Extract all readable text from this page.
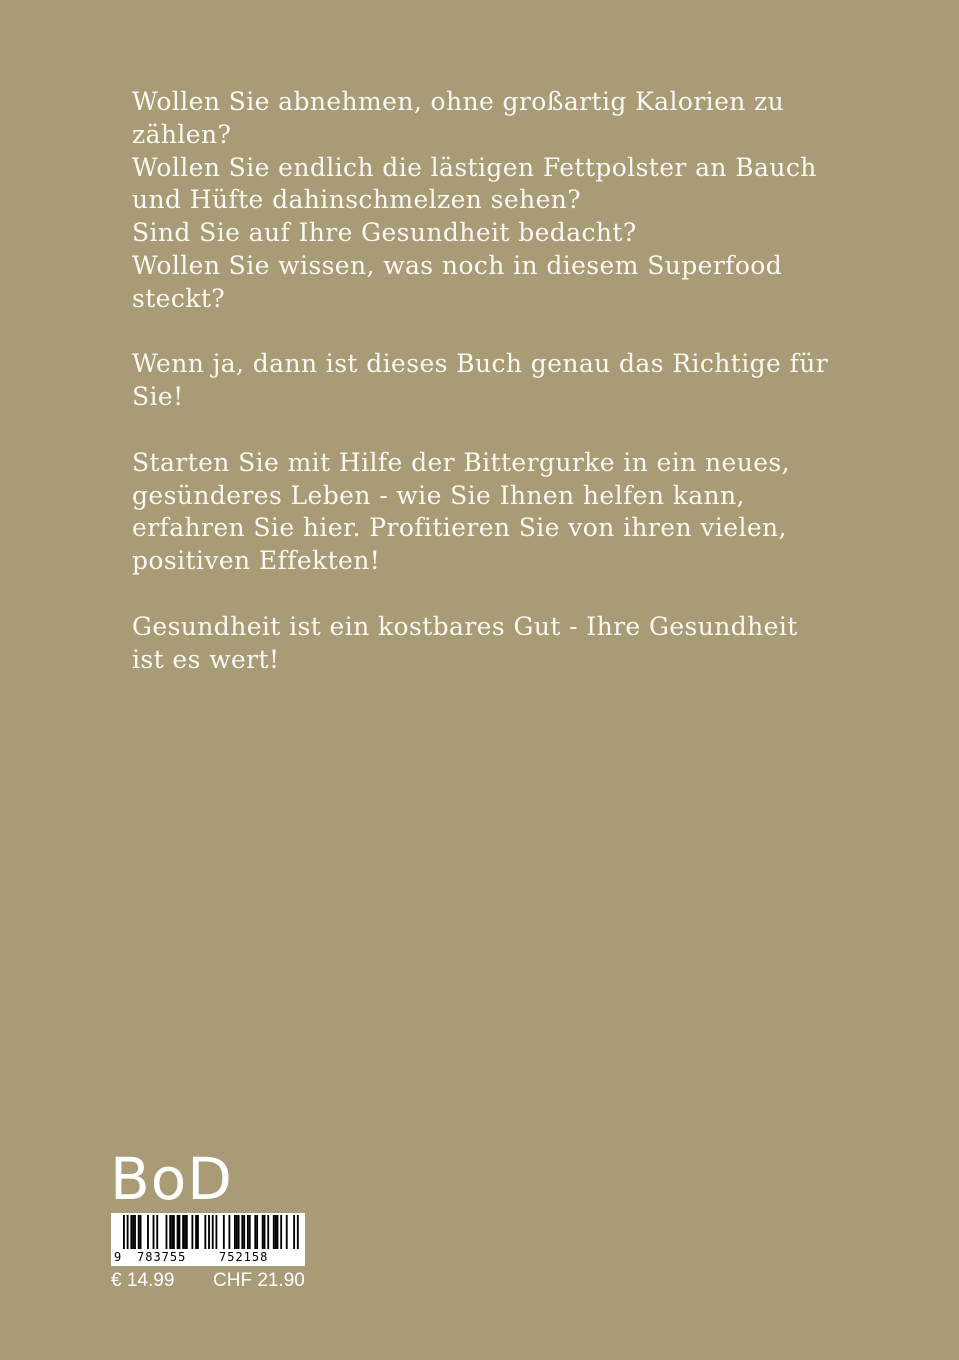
Wollen Sie abnehmen, ohne großartig Kalorien zu
zählen?
Wollen Sie endlich die lästigen Fettpolster an Bauch
und Hüfte dahinschmelzen sehen?
Sind Sie auf Ihre Gesundheit bedacht?
Wollen Sie wissen, was noch in diesem Superfood
steckt?

Wenn ja, dann ist dieses Buch genau das Richtige für
Sie!

Starten Sie mit Hilfe der Bittergurke in ein neues,
gesünderes Leben - wie Sie Ihnen helfen kann,
erfahren Sie hier. Profitieren Sie von ihren vielen,
positiven Effekten!

Gesundheit ist ein kostbares Gut - Ihre Gesundheit
ist es wert!

BoD
9 783755	752158
€ 14.99 CHF 21.90
